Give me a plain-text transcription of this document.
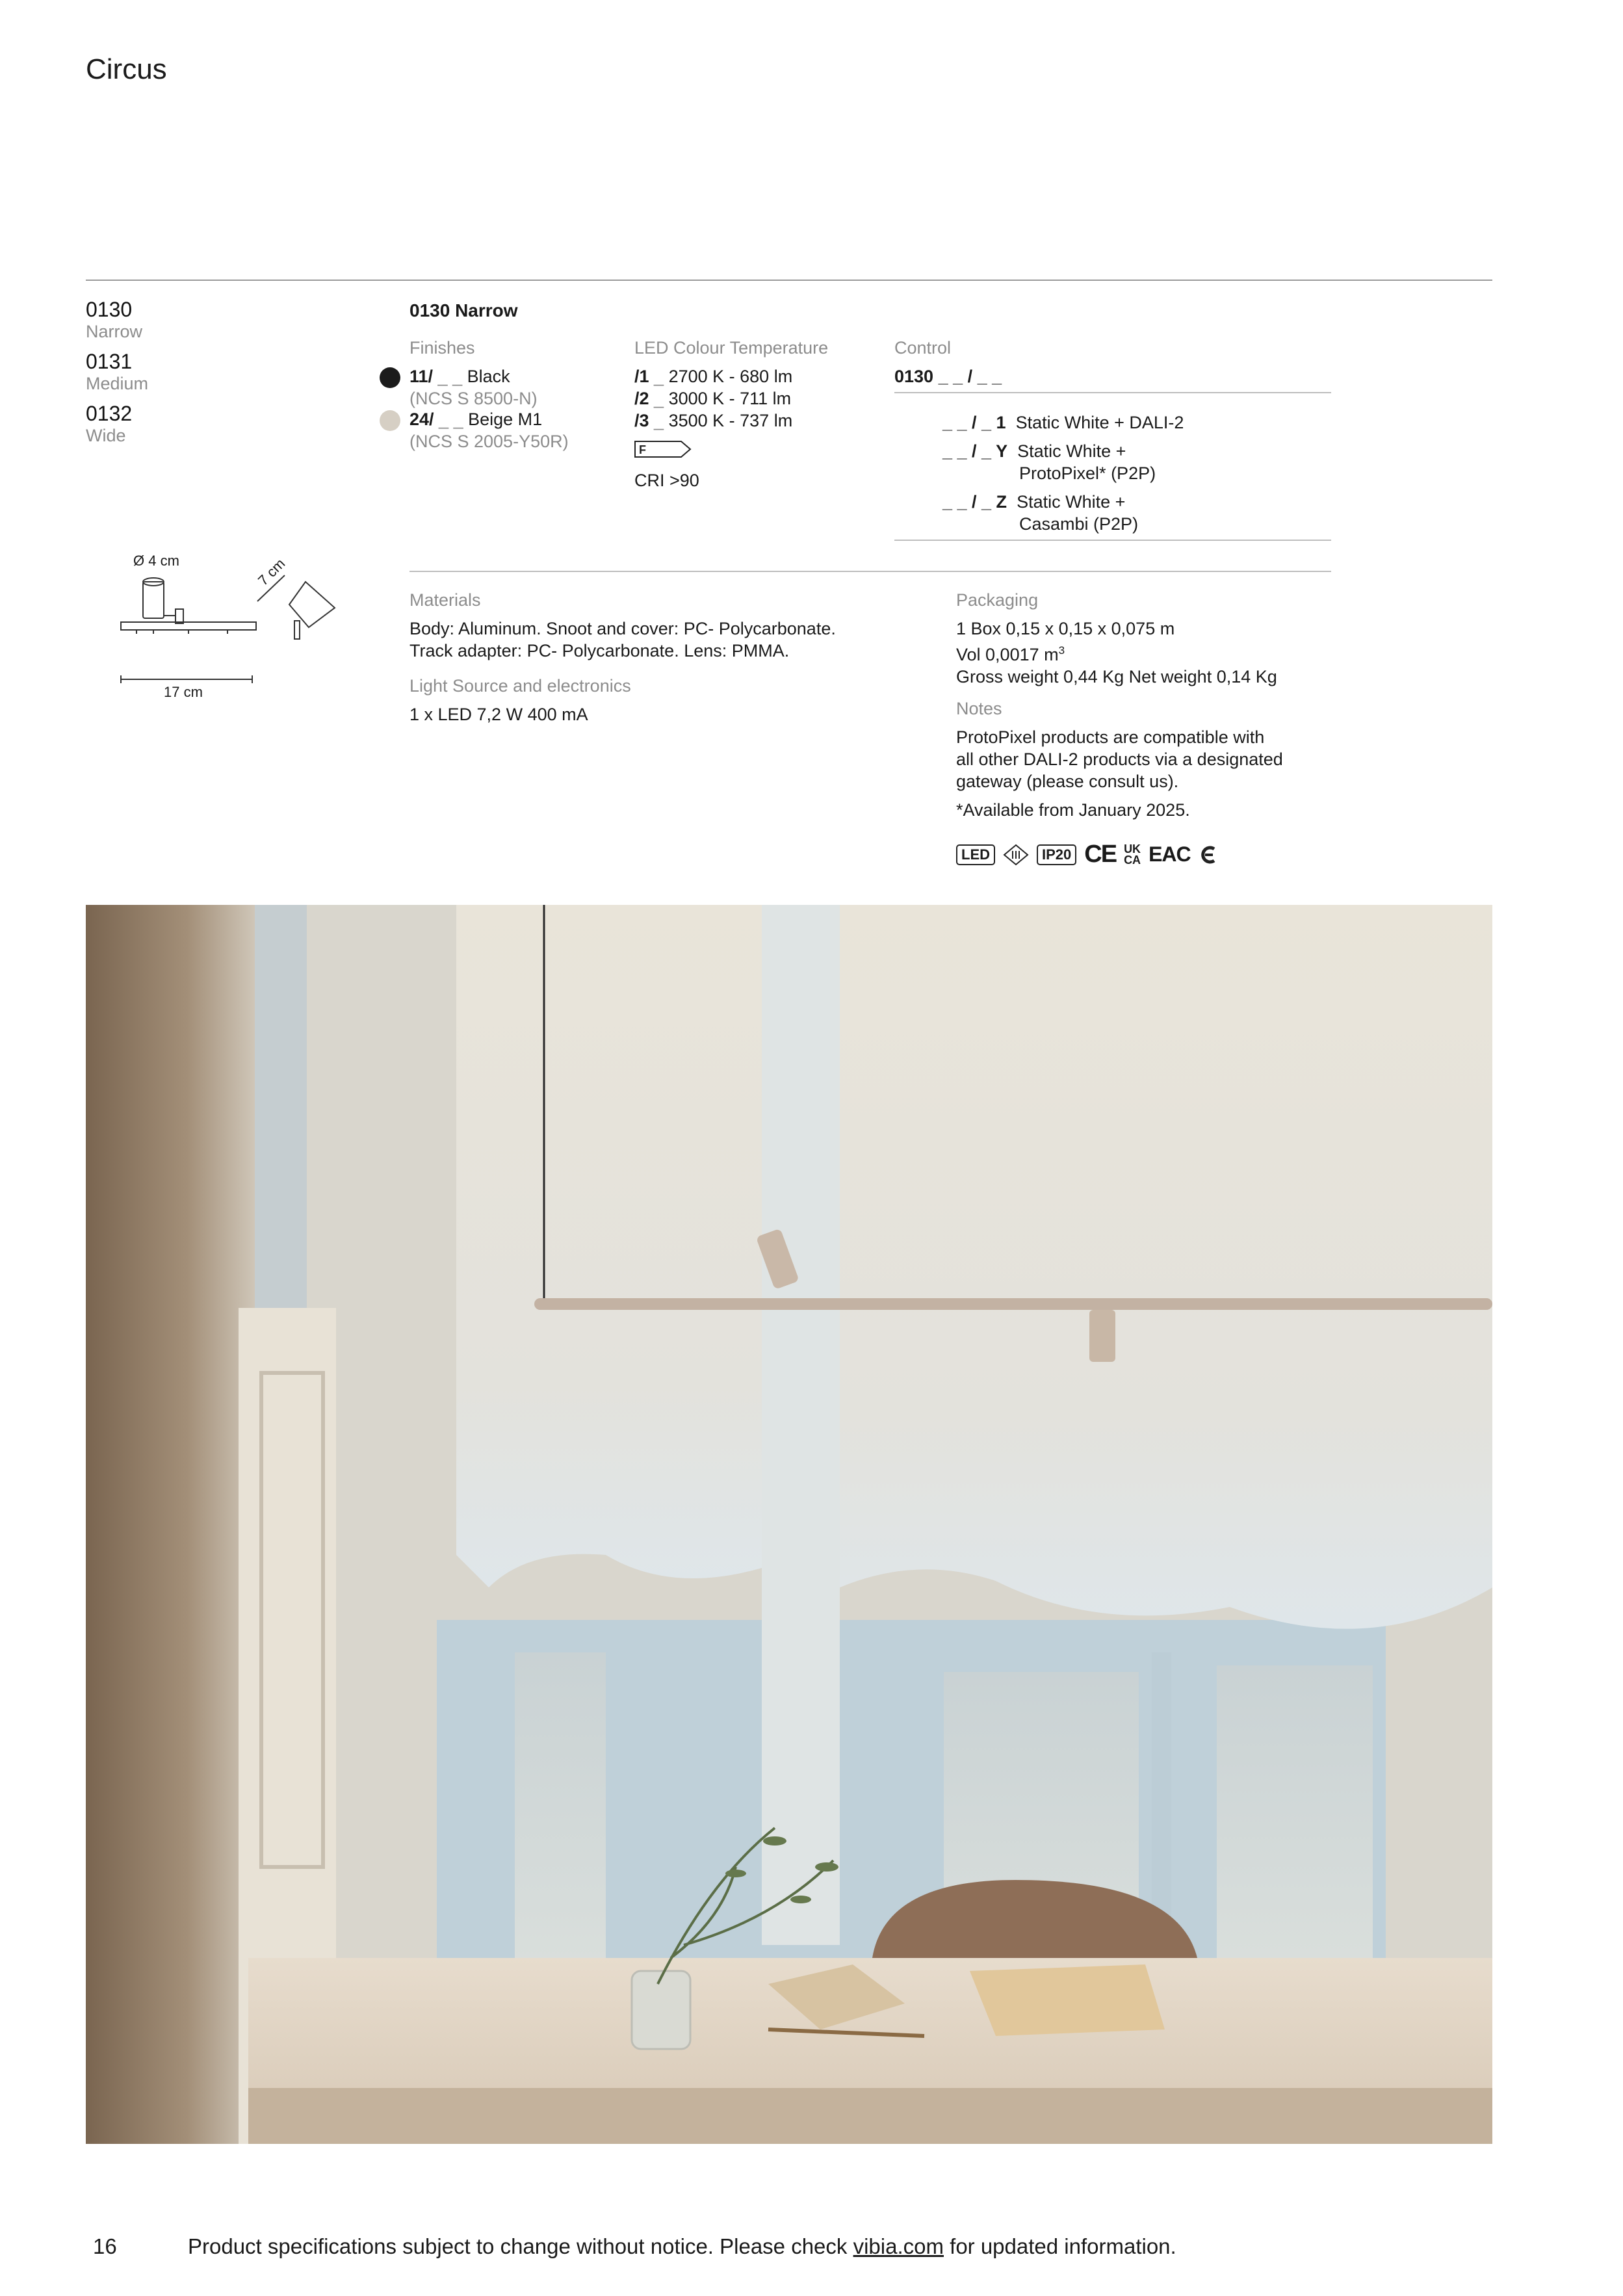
Circus
0130
Narrow
0131
Medium
0132
Wide
0130 Narrow
Finishes
11/ _ _ Black
(NCS S 8500-N)
24/ _ _ Beige M1
(NCS S 2005-Y50R)
LED Colour Temperature
/1 _ 2700 K - 680 lm
/2 _ 3000 K - 711 lm
/3 _ 3500 K - 737 lm
F
CRI >90
Control
0130 _ _ / _ _
_ _ / _ 1 Static White + DALI-2
_ _ / _ Y Static White +
ProtoPixel* (P2P)
_ _ / _ Z Static White +
Casambi (P2P)
Ø 4 cm	7 cm
17 cm
Materials
Body: Aluminum. Snoot and cover: PC- Polycarbonate.
Track adapter: PC- Polycarbonate. Lens: PMMA.
Light Source and electronics
1 x LED 7,2 W 400 mA
Packaging
1 Box 0,15 x 0,15 x 0,075 m
Vol 0,0017 $m^3$
Gross weight 0,44 Kg Net weight 0,14 Kg
Notes
ProtoPixel products are compatible with
all other DALI-2 products via a designated
gateway (please consult us).
*Available from January 2025.
LED	IP20 CE UK
CA EAC
16	Product specifications subject to change without notice. Please check vibia.com for updated information.
